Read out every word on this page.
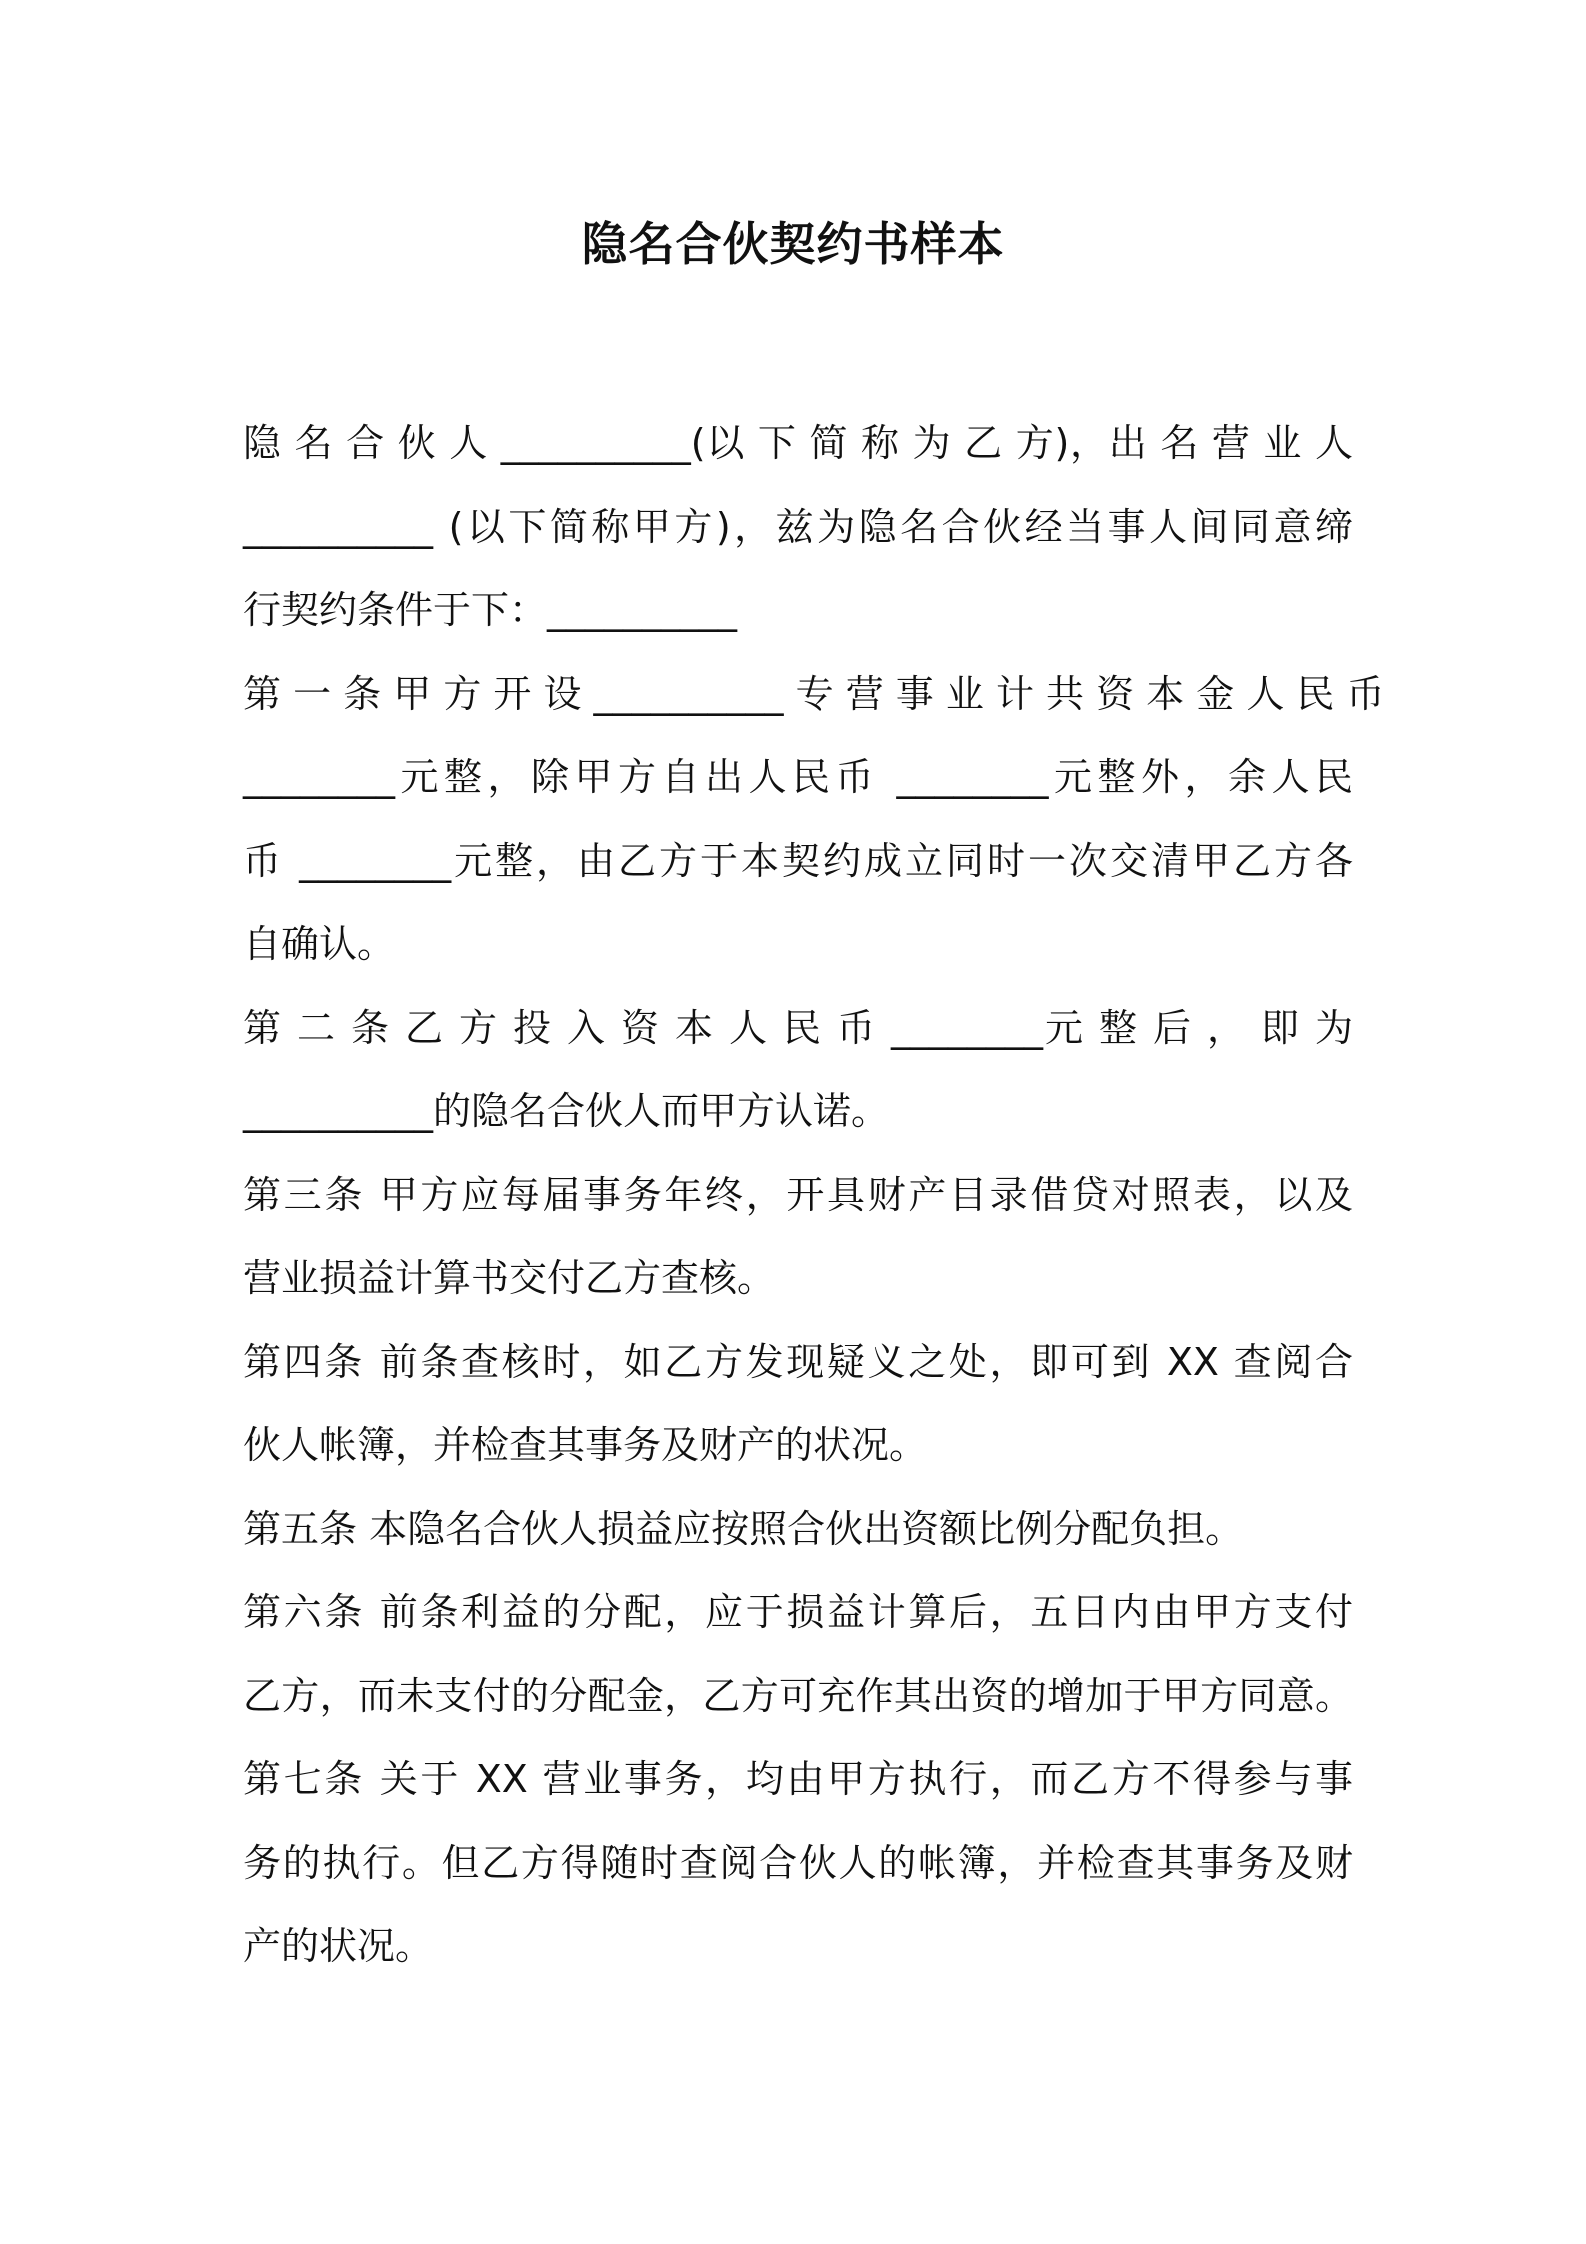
隐名合伙契约书样本
隐 名 合 伙 人 __________(以 下 简 称 为 乙 方)，出 名 营 业 人
__________ (以下简称甲方)，兹为隐名合伙经当事人间同意缔
行契约条件于下：__________
第 一 条 甲 方 开 设 __________ 专 营 事 业 计 共 资 本 金 人 民 币
________元整，除甲方自出人民币 ________元整外，余人民
币 ________元整，由乙方于本契约成立同时一次交清甲乙方各
自确认。
第 二 条 乙 方 投 入 资 本 人 民 币 ________元 整 后 ， 即 为
__________的隐名合伙人而甲方认诺。
第三条 甲方应每届事务年终，开具财产目录借贷对照表，以及
营业损益计算书交付乙方查核。
第四条 前条查核时，如乙方发现疑义之处，即可到 XX 查阅合
伙人帐簿，并检查其事务及财产的状况。
第五条 本隐名合伙人损益应按照合伙出资额比例分配负担。
第六条 前条利益的分配，应于损益计算后，五日内由甲方支付
乙方，而未支付的分配金，乙方可充作其出资的增加于甲方同意。
第七条 关于 XX 营业事务，均由甲方执行，而乙方不得参与事
务的执行。但乙方得随时查阅合伙人的帐簿，并检查其事务及财
产的状况。
